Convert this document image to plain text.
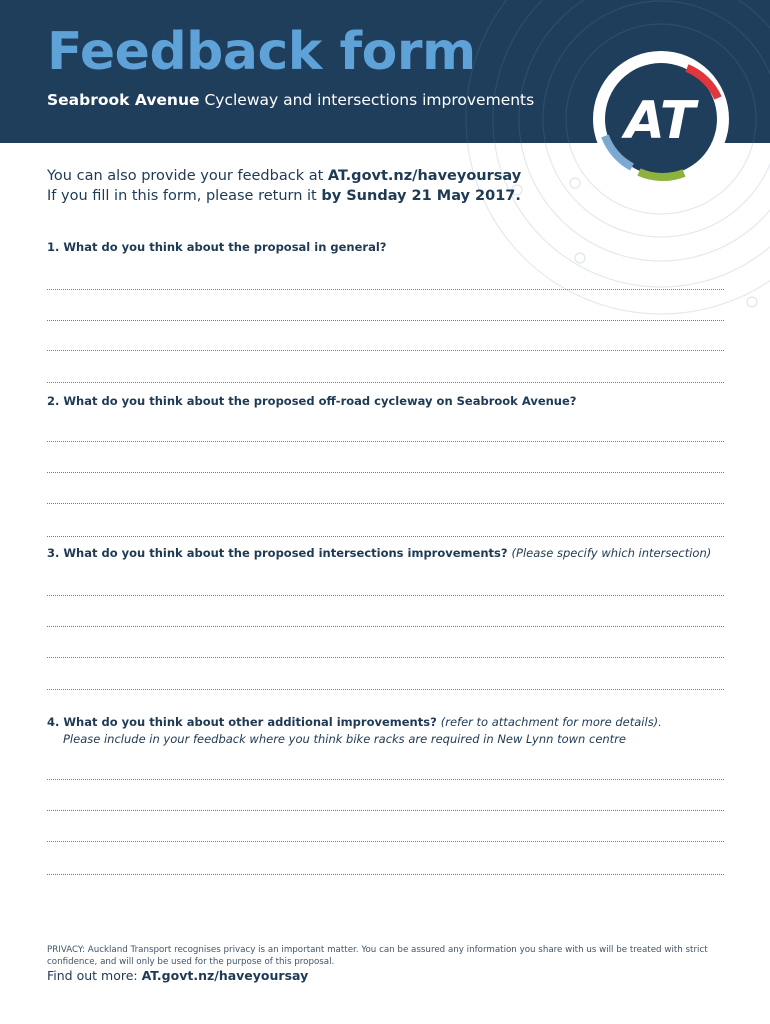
Feedback form
Seabrook Avenue Cycleway and intersections improvements AT
You can also provide your feedback at AT.govt.nz/haveyoursay
If you fill in this form, please return it by Sunday 21 May 2017.
1. What do you think about the proposal in general?
2. What do you think about the proposed off-road cycleway on Seabrook Avenue?
3. What do you think about the proposed intersections improvements? (Please specify which intersection)
4. What do you think about other additional improvements? (refer to attachment for more details).
Please include in your feedback where you think bike racks are required in New Lynn town centre
PRIVACY: Auckland Transport recognises privacy is an important matter. You can be assured any information you share with us will be treated with strict confidence, and will only be used for the purpose of this proposal.
Find out more: AT.govt.nz/haveyoursay
